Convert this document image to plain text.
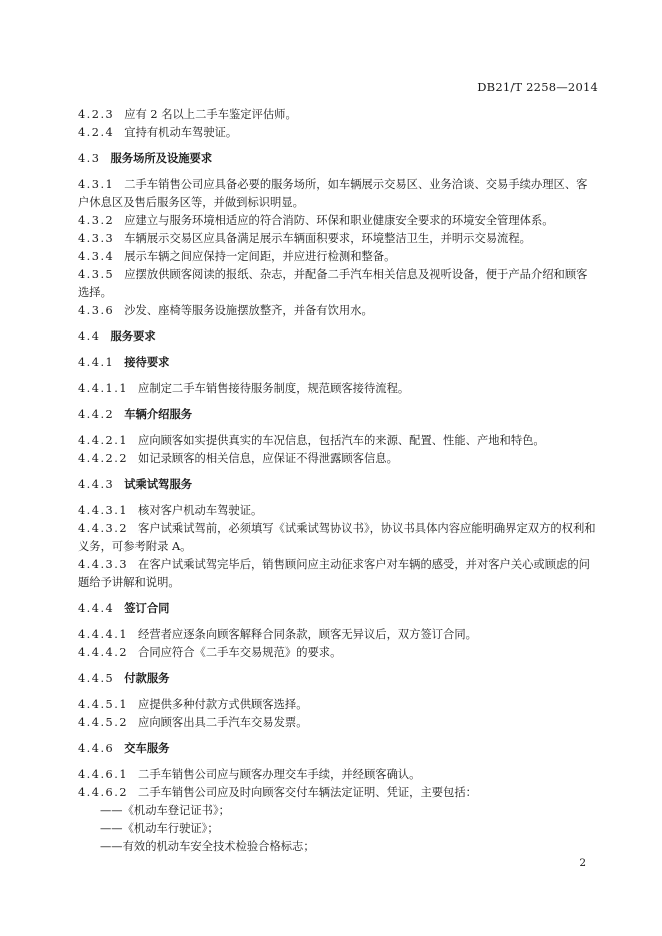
DB21/T 2258—2014
4.2.3 应有 2 名以上二手车鉴定评估师。
4.2.4 宜持有机动车驾驶证。
4.3 服务场所及设施要求
4.3.1 二手车销售公司应具备必要的服务场所，如车辆展示交易区、业务洽谈、交易手续办理区、客
户休息区及售后服务区等，并做到标识明显。
4.3.2 应建立与服务环境相适应的符合消防、环保和职业健康安全要求的环境安全管理体系。
4.3.3 车辆展示交易区应具备满足展示车辆面积要求，环境整洁卫生，并明示交易流程。
4.3.4 展示车辆之间应保持一定间距，并应进行检测和整备。
4.3.5 应摆放供顾客阅读的报纸、杂志，并配备二手汽车相关信息及视听设备，便于产品介绍和顾客
选择。
4.3.6 沙发、座椅等服务设施摆放整齐，并备有饮用水。
4.4 服务要求
4.4.1 接待要求
4.4.1.1 应制定二手车销售接待服务制度，规范顾客接待流程。
4.4.2 车辆介绍服务
4.4.2.1 应向顾客如实提供真实的车况信息，包括汽车的来源、配置、性能、产地和特色。
4.4.2.2 如记录顾客的相关信息，应保证不得泄露顾客信息。
4.4.3 试乘试驾服务
4.4.3.1 核对客户机动车驾驶证。
4.4.3.2 客户试乘试驾前，必须填写《试乘试驾协议书》，协议书具体内容应能明确界定双方的权利和
义务，可参考附录 A。
4.4.3.3 在客户试乘试驾完毕后，销售顾问应主动征求客户对车辆的感受，并对客户关心或顾虑的问
题给予讲解和说明。
4.4.4 签订合同
4.4.4.1 经营者应逐条向顾客解释合同条款，顾客无异议后，双方签订合同。
4.4.4.2 合同应符合《二手车交易规范》的要求。
4.4.5 付款服务
4.4.5.1 应提供多种付款方式供顾客选择。
4.4.5.2 应向顾客出具二手汽车交易发票。
4.4.6 交车服务
4.4.6.1 二手车销售公司应与顾客办理交车手续，并经顾客确认。
4.4.6.2 二手车销售公司应及时向顾客交付车辆法定证明、凭证，主要包括：
——《机动车登记证书》；
——《机动车行驶证》；
——有效的机动车安全技术检验合格标志；
2
